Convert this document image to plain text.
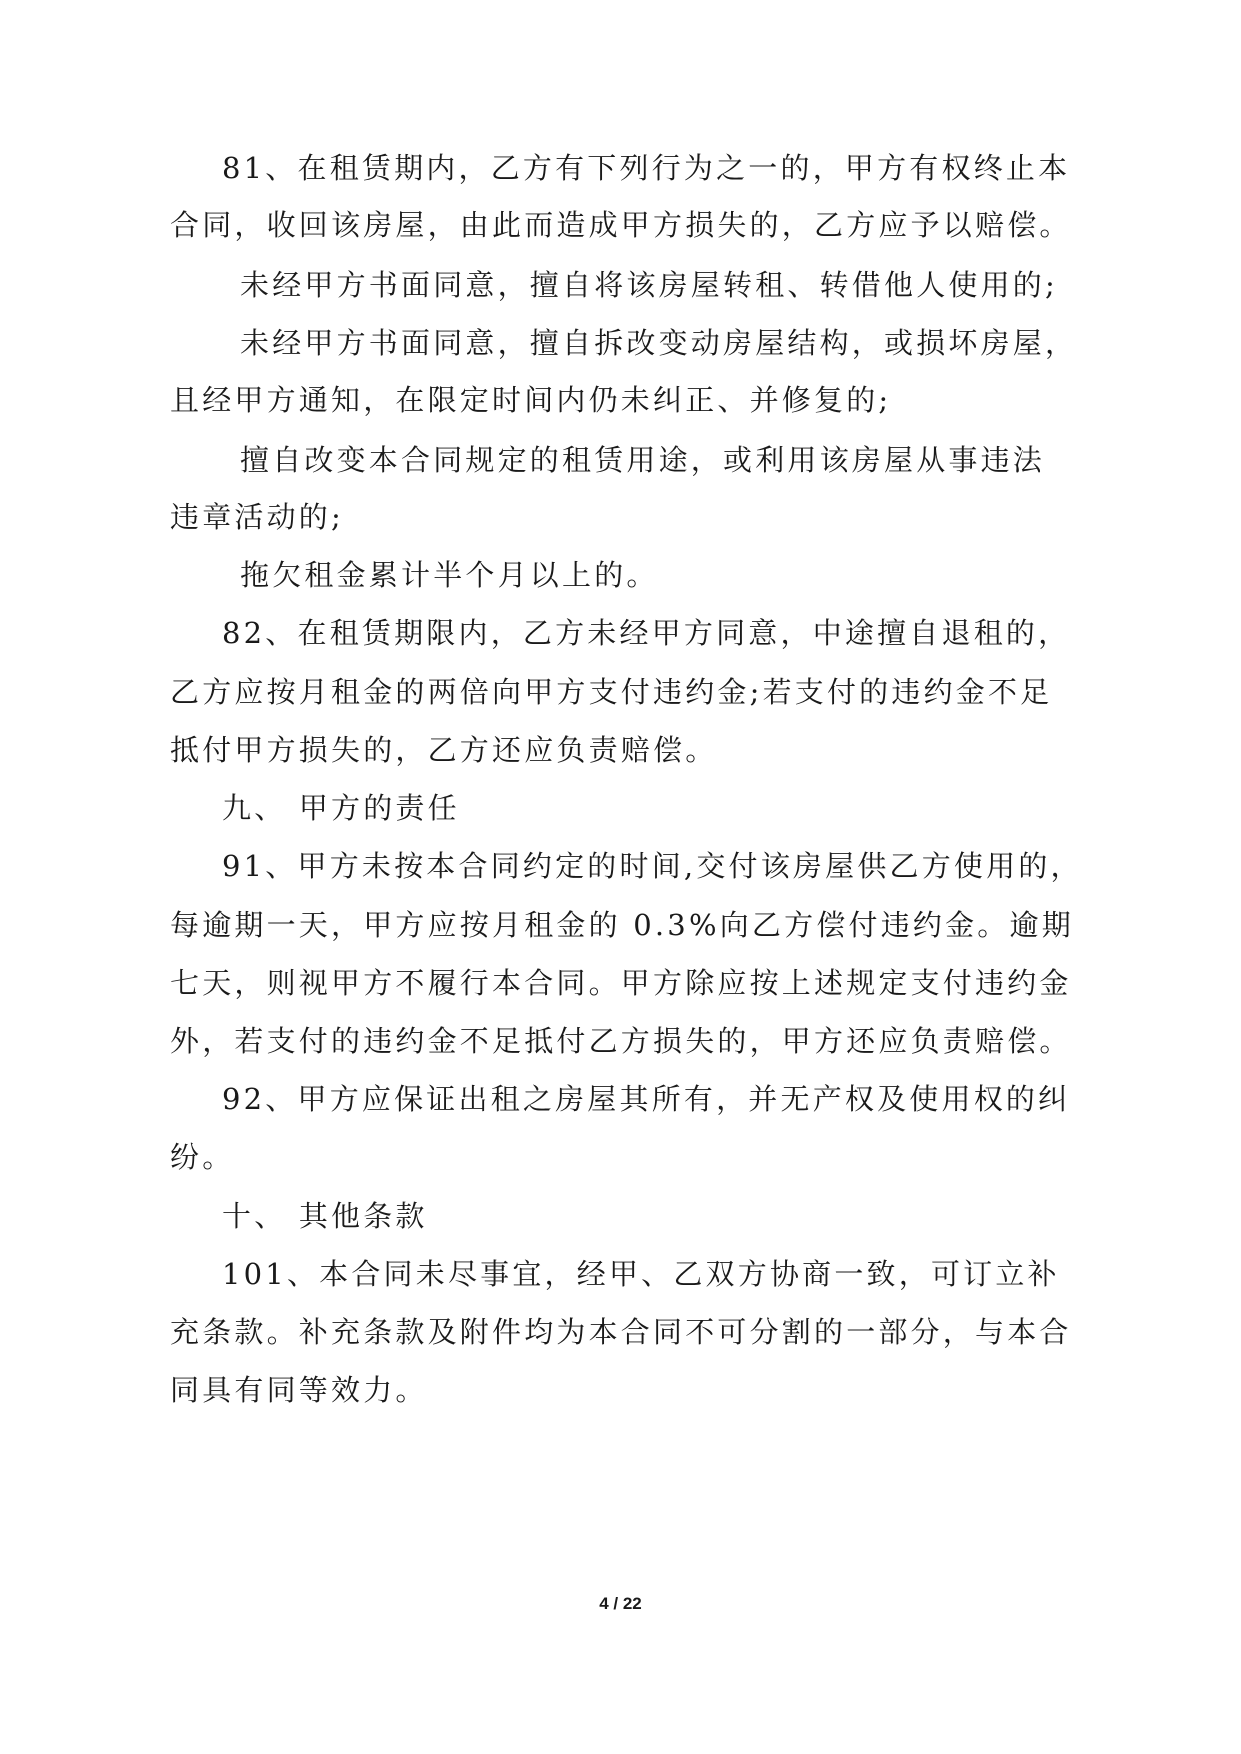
81、在租赁期内，乙方有下列行为之一的，甲方有权终止本
合同，收回该房屋，由此而造成甲方损失的，乙方应予以赔偿。
未经甲方书面同意，擅自将该房屋转租、转借他人使用的;
未经甲方书面同意，擅自拆改变动房屋结构，或损坏房屋，
且经甲方通知，在限定时间内仍未纠正、并修复的;
擅自改变本合同规定的租赁用途，或利用该房屋从事违法
违章活动的;
拖欠租金累计半个月以上的。
82、在租赁期限内，乙方未经甲方同意，中途擅自退租的，
乙方应按月租金的两倍向甲方支付违约金;若支付的违约金不足
抵付甲方损失的，乙方还应负责赔偿。
九、 甲方的责任
91、甲方未按本合同约定的时间,交付该房屋供乙方使用的，
每逾期一天，甲方应按月租金的 0.3%向乙方偿付违约金。逾期
七天，则视甲方不履行本合同。甲方除应按上述规定支付违约金
外，若支付的违约金不足抵付乙方损失的，甲方还应负责赔偿。
92、甲方应保证出租之房屋其所有，并无产权及使用权的纠
纷。
十、 其他条款
101、本合同未尽事宜，经甲、乙双方协商一致，可订立补
充条款。补充条款及附件均为本合同不可分割的一部分，与本合
同具有同等效力。
4 / 22
